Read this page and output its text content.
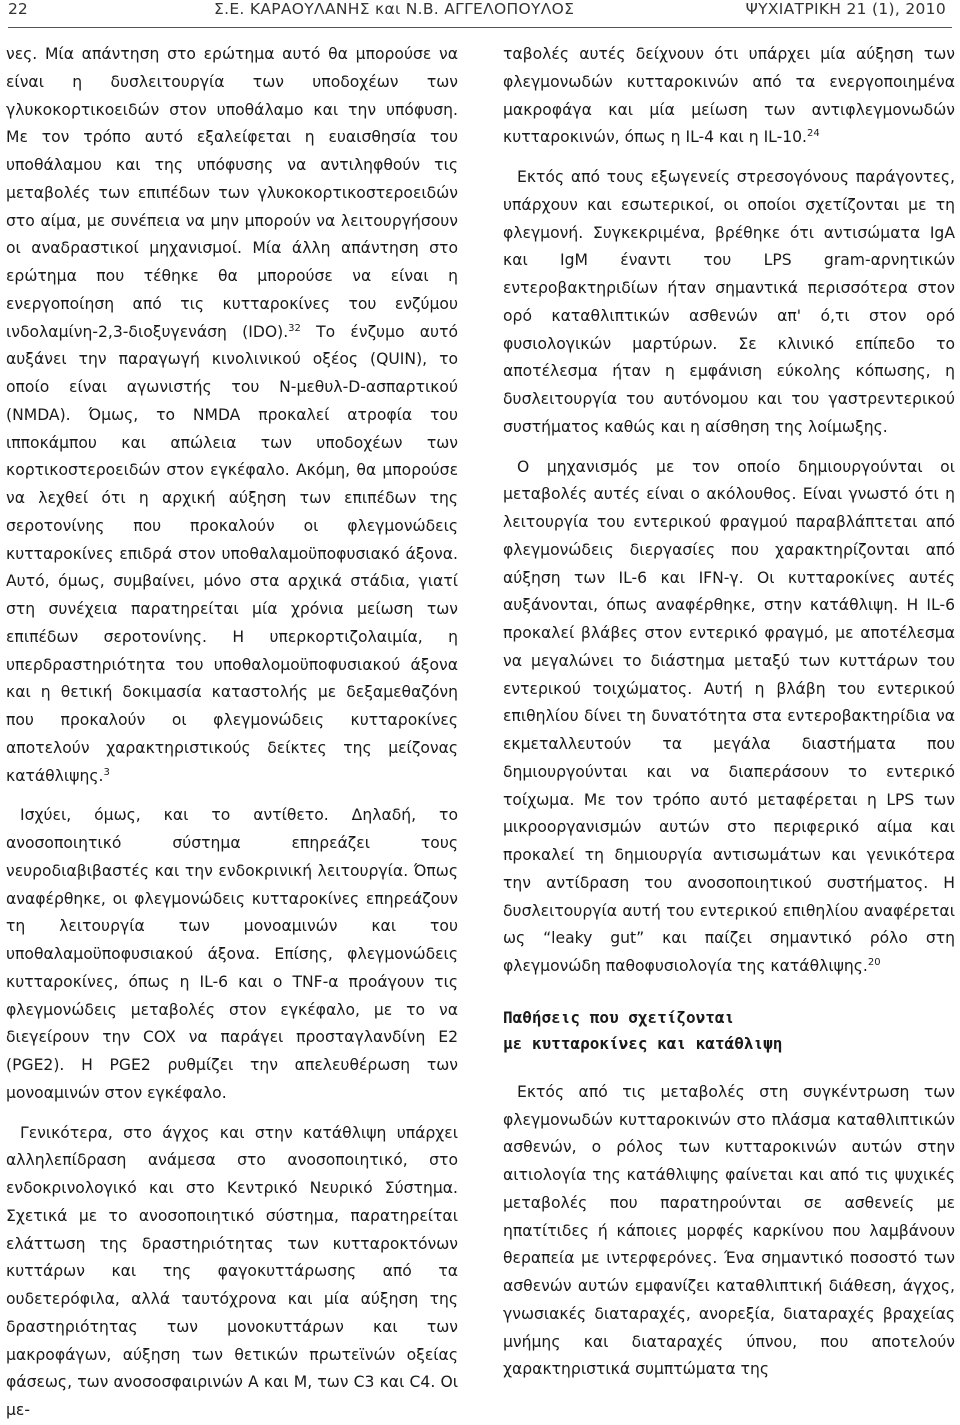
22	Σ.Ε. ΚΑΡΑΟΥΛΑΝΗΣ και Ν.Β. ΑΓΓΕΛΟΠΟΥΛΟΣ	ΨΥΧΙΑΤΡΙΚΗ 21 (1), 2010

νες. Μία απάντηση στο ερώτημα αυτό θα μπορούσε να είναι η δυσλειτουργία των υποδοχέων των γλυκοκορτικοειδών στον υποθάλαμο και την υπόφυση. Με τον τρόπο αυτό εξαλείφεται η ευαισθησία του υποθάλαμου και της υπόφυσης να αντιληφθούν τις μεταβολές των επιπέδων των γλυκοκορτικοστεροειδών στο αίμα, με συνέπεια να μην μπορούν να λειτουργήσουν οι αναδραστικοί μηχανισμοί. Μία άλλη απάντηση στο ερώτημα που τέθηκε θα μπορούσε να είναι η ενεργοποίηση από τις κυτταροκίνες του ενζύμου ινδολαμίνη-2,3-διοξυγενάση (IDO).$^{32}$ Το ένζυμο αυτό αυξάνει την παραγωγή κινολινικού οξέος (QUIN), το οποίο είναι αγωνιστής του N-μεθυλ-D-ασπαρτικού (NMDA). Όμως, το NMDA προκαλεί ατροφία του ιπποκάμπου και απώλεια των υποδοχέων των κορτικοστεροειδών στον εγκέφαλο. Ακόμη, θα μπορούσε να λεχθεί ότι η αρχική αύξηση των επιπέδων της σεροτονίνης που προκαλούν οι φλεγμονώδεις κυτταροκίνες επιδρά στον υποθαλαμοϋποφυσιακό άξονα. Αυτό, όμως, συμβαίνει, μόνο στα αρχικά στάδια, γιατί στη συνέχεια παρατηρείται μία χρόνια μείωση των επιπέδων σεροτονίνης. Η υπερκορτιζολαιμία, η υπερδραστηριότητα του υποθαλομοϋποφυσιακού άξονα και η θετική δοκιμασία καταστολής με δεξαμεθαζόνη που προκαλούν οι φλεγμονώδεις κυτταροκίνες αποτελούν χαρακτηριστικούς δείκτες της μείζονας κατάθλιψης.$^3$

Ισχύει, όμως, και το αντίθετο. Δηλαδή, το ανοσοποιητικό σύστημα επηρεάζει τους νευροδιαβιβαστές και την ενδοκρινική λειτουργία. Όπως αναφέρθηκε, οι φλεγμονώδεις κυτταροκίνες επηρεάζουν τη λειτουργία των μονοαμινών και του υποθαλαμοϋποφυσιακού άξονα. Επίσης, φλεγμονώδεις κυτταροκίνες, όπως η IL-6 και ο TNF-α προάγουν τις φλεγμονώδεις μεταβολές στον εγκέφαλο, με το να διεγείρουν την COX να παράγει προσταγλανδίνη Ε2 (PGE2). Η PGE2 ρυθμίζει την απελευθέρωση των μονοαμινών στον εγκέφαλο.

Γενικότερα, στο άγχος και στην κατάθλιψη υπάρχει αλληλεπίδραση ανάμεσα στο ανοσοποιητικό, στο ενδοκρινολογικό και στο Κεντρικό Νευρικό Σύστημα. Σχετικά με το ανοσοποιητικό σύστημα, παρατηρείται ελάττωση της δραστηριότητας των κυτταροκτόνων κυττάρων και της φαγοκυττάρωσης από τα ουδετερόφιλα, αλλά ταυτόχρονα και μία αύξηση της δραστηριότητας των μονοκυττάρων και των μακροφάγων, αύξηση των θετικών πρωτεϊνών οξείας φάσεως, των ανοσοσφαιρινών Α και Μ, των C3 και C4. Οι με-

ταβολές αυτές δείχνουν ότι υπάρχει μία αύξηση των φλεγμονωδών κυτταροκινών από τα ενεργοποιημένα μακροφάγα και μία μείωση των αντιφλεγμονωδών κυτταροκινών, όπως η IL-4 και η IL-10.24

Εκτός από τους εξωγενείς στρεσογόνους παράγοντες, υπάρχουν και εσωτερικοί, οι οποίοι σχετίζονται με τη φλεγμονή. Συγκεκριμένα, βρέθηκε ότι αντισώματα IgA και IgM έναντι του LPS gram-αρνητικών εντεροβακτηριδίων ήταν σημαντικά περισσότερα στον ορό καταθλιπτικών ασθενών απ' ό,τι στον ορό φυσιολογικών μαρτύρων. Σε κλινικό επίπεδο το αποτέλεσμα ήταν η εμφάνιση εύκολης κόπωσης, η δυσλειτουργία του αυτόνομου και του γαστρεντερικού συστήματος καθώς και η αίσθηση της λοίμωξης.

Ο μηχανισμός με τον οποίο δημιουργούνται οι μεταβολές αυτές είναι ο ακόλουθος. Είναι γνωστό ότι η λειτουργία του εντερικού φραγμού παραβλάπτεται από φλεγμονώδεις διεργασίες που χαρακτηρίζονται από αύξηση των IL-6 και IFN-γ. Οι κυτταροκίνες αυτές αυξάνονται, όπως αναφέρθηκε, στην κατάθλιψη. Η IL-6 προκαλεί βλάβες στον εντερικό φραγμό, με αποτέλεσμα να μεγαλώνει το διάστημα μεταξύ των κυττάρων του εντερικού τοιχώματος. Αυτή η βλάβη του εντερικού επιθηλίου δίνει τη δυνατότητα στα εντεροβακτηρίδια να εκμεταλλευτούν τα μεγάλα διαστήματα που δημιουργούνται και να διαπεράσουν το εντερικό τοίχωμα. Με τον τρόπο αυτό μεταφέρεται η LPS των μικροοργανισμών αυτών στο περιφερικό αίμα και προκαλεί τη δημιουργία αντισωμάτων και γενικότερα την αντίδραση του ανοσοποιητικού συστήματος. Η δυσλειτουργία αυτή του εντερικού επιθηλίου αναφέρεται ως “leaky gut” και παίζει σημαντικό ρόλο στη φλεγμονώδη παθοφυσιολογία της κατάθλιψης.$^{20}$

Παθήσεις που σχετίζονται
με κυτταροκίνες και κατάθλιψη

Εκτός από τις μεταβολές στη συγκέντρωση των φλεγμονωδών κυτταροκινών στο πλάσμα καταθλιπτικών ασθενών, ο ρόλος των κυτταροκινών αυτών στην αιτιολογία της κατάθλιψης φαίνεται και από τις ψυχικές μεταβολές που παρατηρούνται σε ασθενείς με ηπατίτιδες ή κάποιες μορφές καρκίνου που λαμβάνουν θεραπεία με ιντερφερόνες. Ένα σημαντικό ποσοστό των ασθενών αυτών εμφανίζει καταθλιπτική διάθεση, άγχος, γνωσιακές διαταραχές, ανορεξία, διαταραχές βραχείας μνήμης και διαταραχές ύπνου, που αποτελούν χαρακτηριστικά συμπτώματα της
